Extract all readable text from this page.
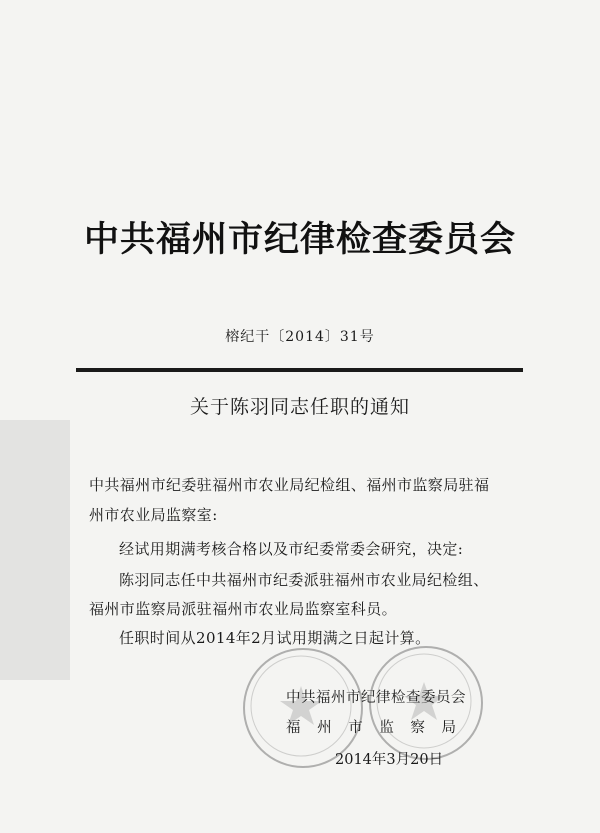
中共福州市纪律检查委员会
榕纪干〔2014〕31号
关于陈羽同志任职的通知
中共福州市纪委驻福州市农业局纪检组、福州市监察局驻福
州市农业局监察室:
经试用期满考核合格以及市纪委常委会研究，决定:
陈羽同志任中共福州市纪委派驻福州市农业局纪检组、
福州市监察局派驻福州市农业局监察室科员。
任职时间从2014年2月试用期满之日起计算。
中共福州市纪律检查委员会
福 州 市 监 察 局
2014年3月20日
